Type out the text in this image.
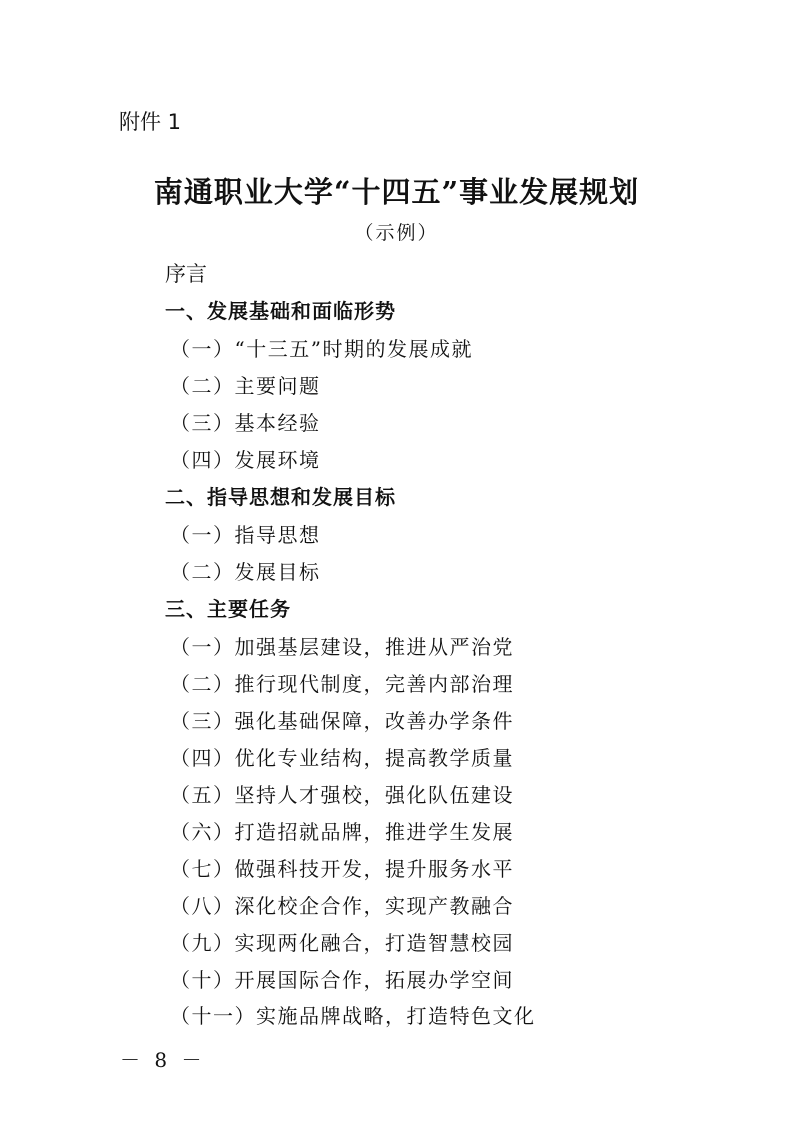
附件 1
南通职业大学“十四五”事业发展规划
（示例）
序言
一、发展基础和面临形势
（一）“十三五”时期的发展成就
（二）主要问题
（三）基本经验
（四）发展环境
二、指导思想和发展目标
（一）指导思想
（二）发展目标
三、主要任务
（一）加强基层建设，推进从严治党
（二）推行现代制度，完善内部治理
（三）强化基础保障，改善办学条件
（四）优化专业结构，提高教学质量
（五）坚持人才强校，强化队伍建设
（六）打造招就品牌，推进学生发展
（七）做强科技开发，提升服务水平
（八）深化校企合作，实现产教融合
（九）实现两化融合，打造智慧校园
（十）开展国际合作，拓展办学空间
（十一）实施品牌战略，打造特色文化
－ 8 －
